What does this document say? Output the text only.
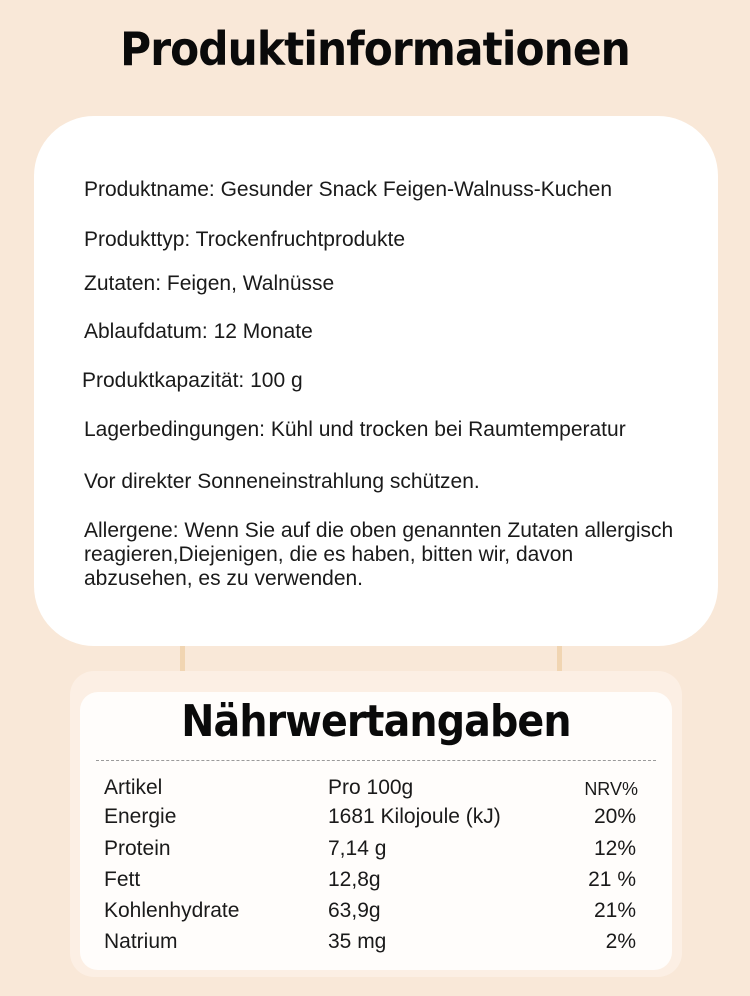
Produktinformationen
Produktname: Gesunder Snack Feigen-Walnuss-Kuchen
Produkttyp: Trockenfruchtprodukte
Zutaten: Feigen, Walnüsse
Ablaufdatum: 12 Monate
Produktkapazität: 100 g
Lagerbedingungen: Kühl und trocken bei Raumtemperatur
Vor direkter Sonneneinstrahlung schützen.
Allergene: Wenn Sie auf die oben genannten Zutaten allergisch reagieren,Diejenigen, die es haben, bitten wir, davon abzusehen, es zu verwenden.
Nährwertangaben
Artikel	Pro 100g	NRV%
Energie	1681 Kilojoule (kJ)	20%
Protein	7,14 g	12%
Fett	12,8g	21 %
Kohlenhydrate	63,9g	21%
Natrium	35 mg	2%
